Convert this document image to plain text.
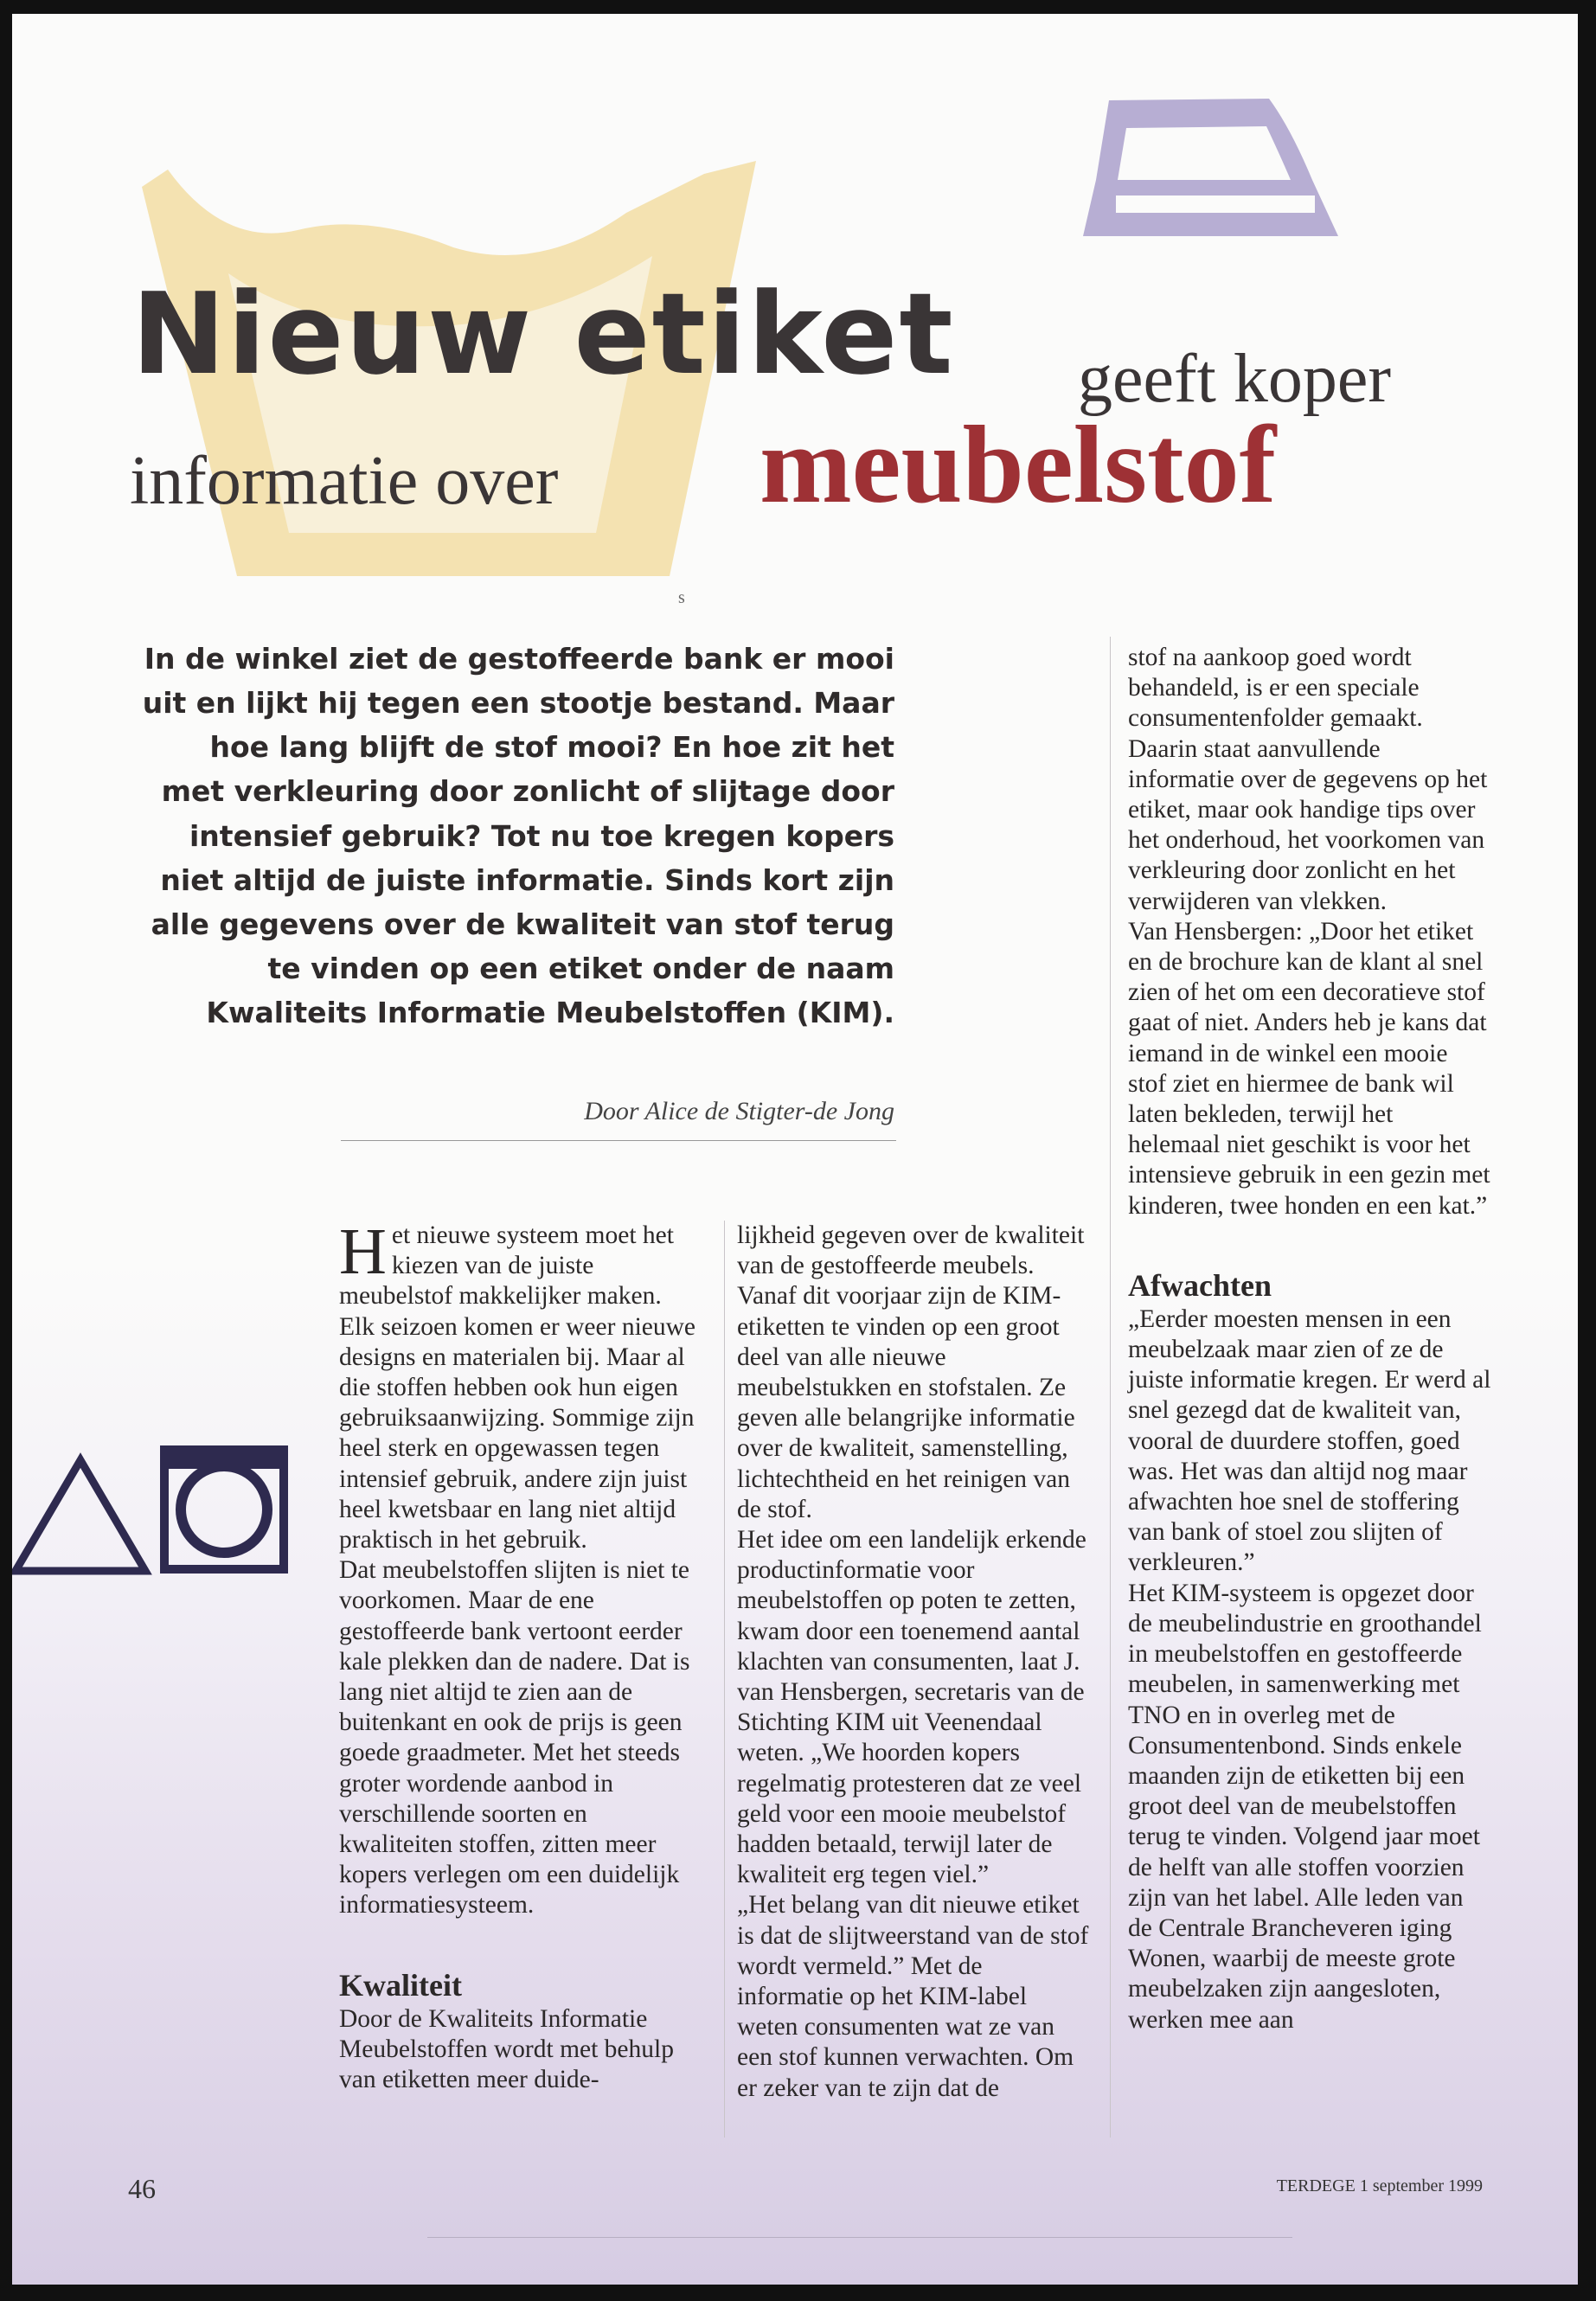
Nieuw etiket geeft koper
informatie over meubelstof
s

In de winkel ziet de gestoffeerde bank er mooi uit en lijkt hij tegen een stootje bestand. Maar hoe lang blijft de stof mooi? En hoe zit het met verkleuring door zonlicht of slijtage door intensief gebruik? Tot nu toe kregen kopers niet altijd de juiste informatie. Sinds kort zijn alle gegevens over de kwaliteit van stof terug te vinden op een etiket onder de naam Kwaliteits Informatie Meubelstoffen (KIM).

Door Alice de Stigter-de Jong
H et nieuwe systeem moet het kiezen van de juiste meubelstof makkelijker maken. Elk seizoen komen er weer nieuwe designs en materialen bij. Maar al die stoffen hebben ook hun eigen gebruiksaanwijzing. Sommige zijn heel sterk en opgewassen tegen intensief gebruik, andere zijn juist heel kwetsbaar en lang niet altijd praktisch in het gebruik.

Dat meubelstoffen slijten is niet te voorkomen. Maar de ene gestoffeerde bank vertoont eerder kale plekken dan de nadere. Dat is lang niet altijd te zien aan de buitenkant en ook de prijs is geen goede graadmeter. Met het steeds groter wordende aanbod in verschillende soorten en kwaliteiten stoffen, zitten meer kopers verlegen om een duidelijk informatiesysteem.

Kwaliteit

Door de Kwaliteits Informatie Meubelstoffen wordt met behulp van etiketten meer duide-

lijkheid gegeven over de kwaliteit van de gestoffeerde meubels. Vanaf dit voorjaar zijn de KIM-etiketten te vinden op een groot deel van alle nieuwe meubelstukken en stofstalen. Ze geven alle belangrijke informatie over de kwaliteit, samenstelling, lichtechtheid en het reinigen van de stof.

Het idee om een landelijk erkende productinformatie voor meubelstoffen op poten te zetten, kwam door een toenemend aantal klachten van consumenten, laat J. van Hensbergen, secretaris van de Stichting KIM uit Veenendaal weten. „We hoorden kopers regelmatig protesteren dat ze veel geld voor een mooie meubelstof hadden betaald, terwijl later de kwaliteit erg tegen viel.”

„Het belang van dit nieuwe etiket is dat de slijtweerstand van de stof wordt vermeld.” Met de informatie op het KIM-label weten consumenten wat ze van een stof kunnen verwachten. Om er zeker van te zijn dat de

stof na aankoop goed wordt behandeld, is er een speciale consumentenfolder gemaakt. Daarin staat aanvullende informatie over de gegevens op het etiket, maar ook handige tips over het onderhoud, het voorkomen van verkleuring door zonlicht en het verwijderen van vlekken.

Van Hensbergen: „Door het etiket en de brochure kan de klant al snel zien of het om een decoratieve stof gaat of niet. Anders heb je kans dat iemand in de winkel een mooie stof ziet en hiermee de bank wil laten bekleden, terwijl het helemaal niet geschikt is voor het intensieve gebruik in een gezin met kinderen, twee honden en een kat.”

Afwachten

„Eerder moesten mensen in een meubelzaak maar zien of ze de juiste informatie kregen. Er werd al snel gezegd dat de kwaliteit van, vooral de duurdere stoffen, goed was. Het was dan altijd nog maar afwachten hoe snel de stoffering van bank of stoel zou slijten of verkleuren.”

Het KIM-systeem is opgezet door de meubelindustrie en groothandel in meubelstoffen en gestoffeerde meubelen, in samenwerking met TNO en in overleg met de Consumentenbond. Sinds enkele maanden zijn de etiketten bij een groot deel van de meubelstoffen terug te vinden. Volgend jaar moet de helft van alle stoffen voorzien zijn van het label. Alle leden van de Centrale Brancheveren iging Wonen, waarbij de meeste grote meubelzaken zijn aangesloten, werken mee aan

46	TERDEGE 1 september 1999
